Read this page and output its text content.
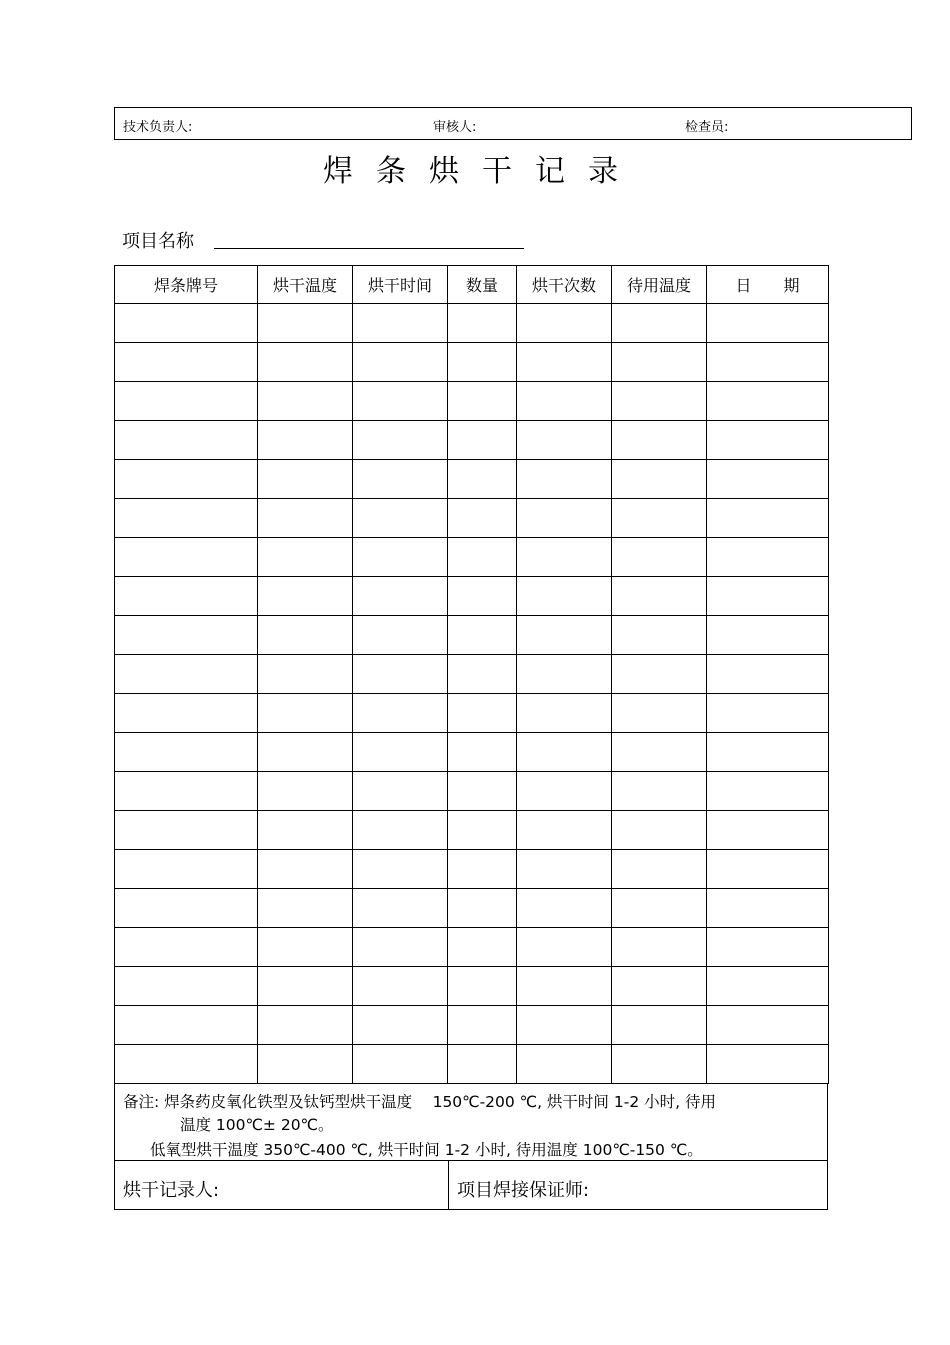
技术负责人:	审核人:	检查员:
焊条烘干记录
项目名称
焊条牌号	烘干温度	烘干时间	数量	烘干次数	待用温度	日　　期

备注: 焊条药皮氧化铁型及钛钙型烘干温度　 150℃-200 ℃, 烘干时间 1-2 小时, 待用
温度 100℃± 20℃。
低氧型烘干温度 350℃-400 ℃, 烘干时间 1-2 小时, 待用温度 100℃-150 ℃。
烘干记录人:	项目焊接保证师:
